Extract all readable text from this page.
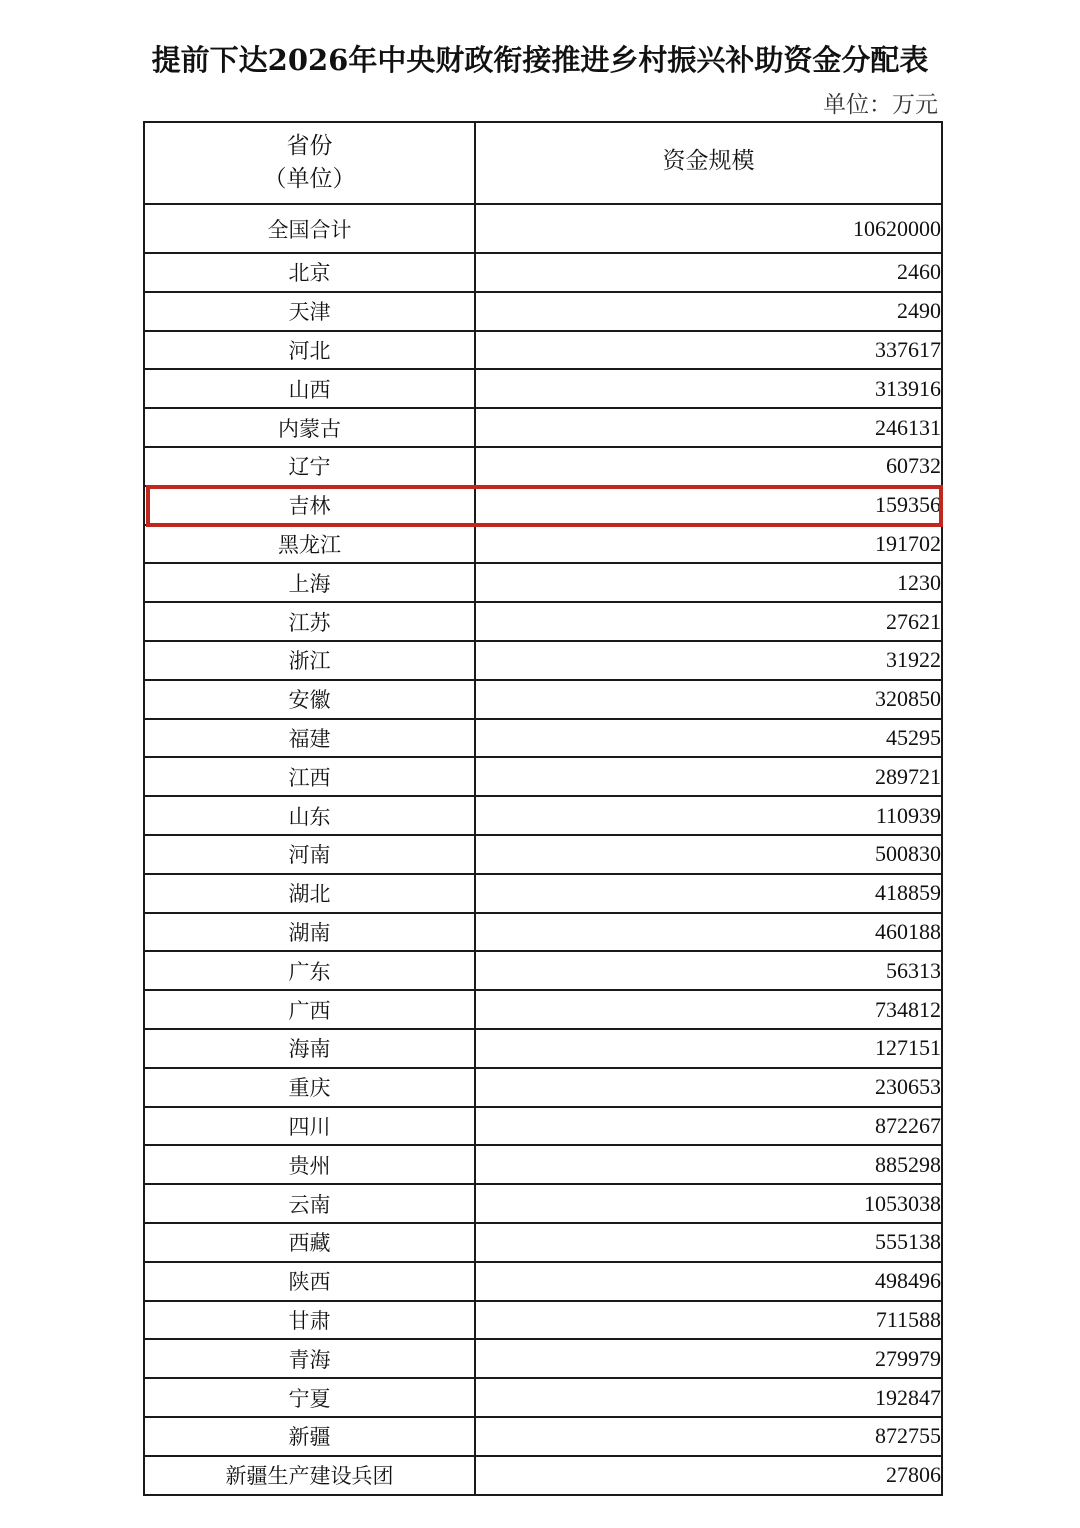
提前下达2026年中央财政衔接推进乡村振兴补助资金分配表
单位：万元
省份
（单位）	资金规模
全国合计	10620000
北京	2460
天津	2490
河北	337617
山西	313916
内蒙古	246131
辽宁	60732
吉林	159356
黑龙江	191702
上海	1230
江苏	27621
浙江	31922
安徽	320850
福建	45295
江西	289721
山东	110939
河南	500830
湖北	418859
湖南	460188
广东	56313
广西	734812
海南	127151
重庆	230653
四川	872267
贵州	885298
云南	1053038
西藏	555138
陕西	498496
甘肃	711588
青海	279979
宁夏	192847
新疆	872755
新疆生产建设兵团	27806
